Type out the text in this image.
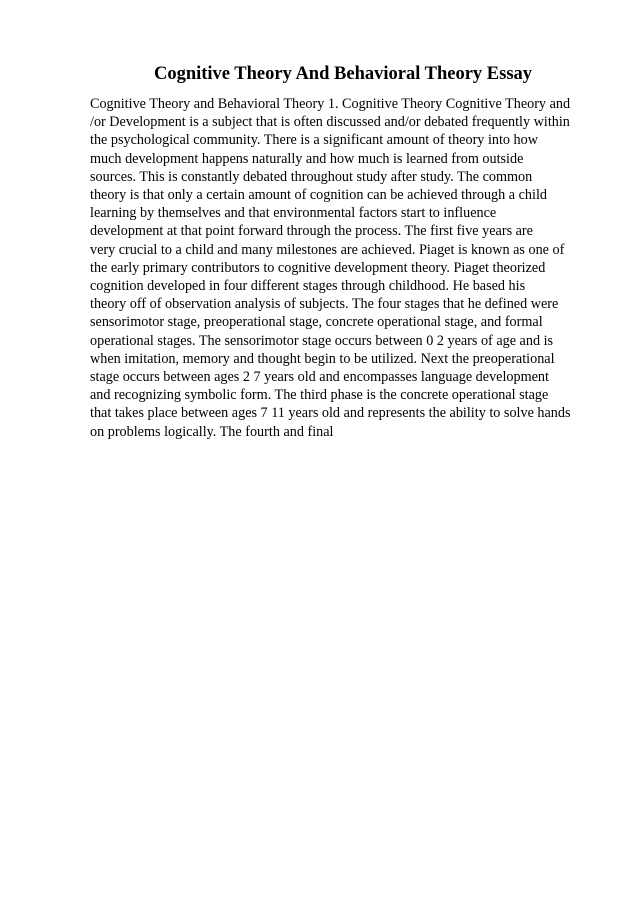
Cognitive Theory And Behavioral Theory Essay
Cognitive Theory and Behavioral Theory 1. Cognitive Theory Cognitive Theory and
/or Development is a subject that is often discussed and/or debated frequently within
the psychological community. There is a significant amount of theory into how
much development happens naturally and how much is learned from outside
sources. This is constantly debated throughout study after study. The common
theory is that only a certain amount of cognition can be achieved through a child
learning by themselves and that environmental factors start to influence
development at that point forward through the process. The first five years are
very crucial to a child and many milestones are achieved. Piaget is known as one of
the early primary contributors to cognitive development theory. Piaget theorized
cognition developed in four different stages through childhood. He based his
theory off of observation analysis of subjects. The four stages that he defined were
sensorimotor stage, preoperational stage, concrete operational stage, and formal
operational stages. The sensorimotor stage occurs between 0 2 years of age and is
when imitation, memory and thought begin to be utilized. Next the preoperational
stage occurs between ages 2 7 years old and encompasses language development
and recognizing symbolic form. The third phase is the concrete operational stage
that takes place between ages 7 11 years old and represents the ability to solve hands
on problems logically. The fourth and final
